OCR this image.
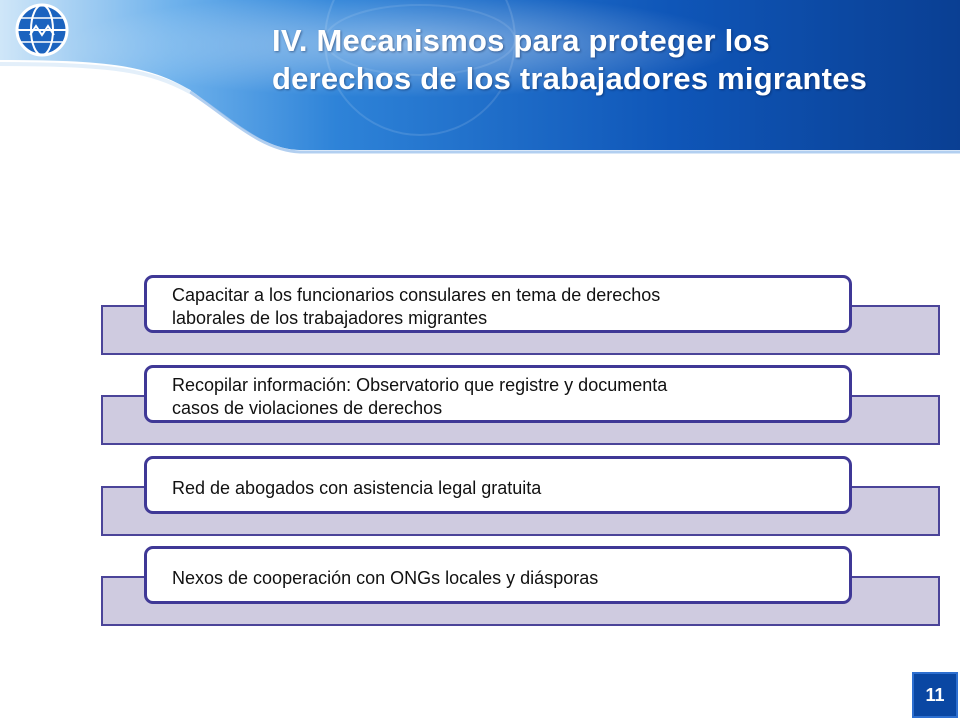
IV. Mecanismos para proteger los
derechos de los trabajadores migrantes
Capacitar a los funcionarios consulares en tema de derechos
laborales de los trabajadores migrantes
Recopilar información: Observatorio que registre y documenta
casos de violaciones de derechos
Red de abogados con asistencia legal gratuita
Nexos de cooperación con ONGs locales y diásporas
11
